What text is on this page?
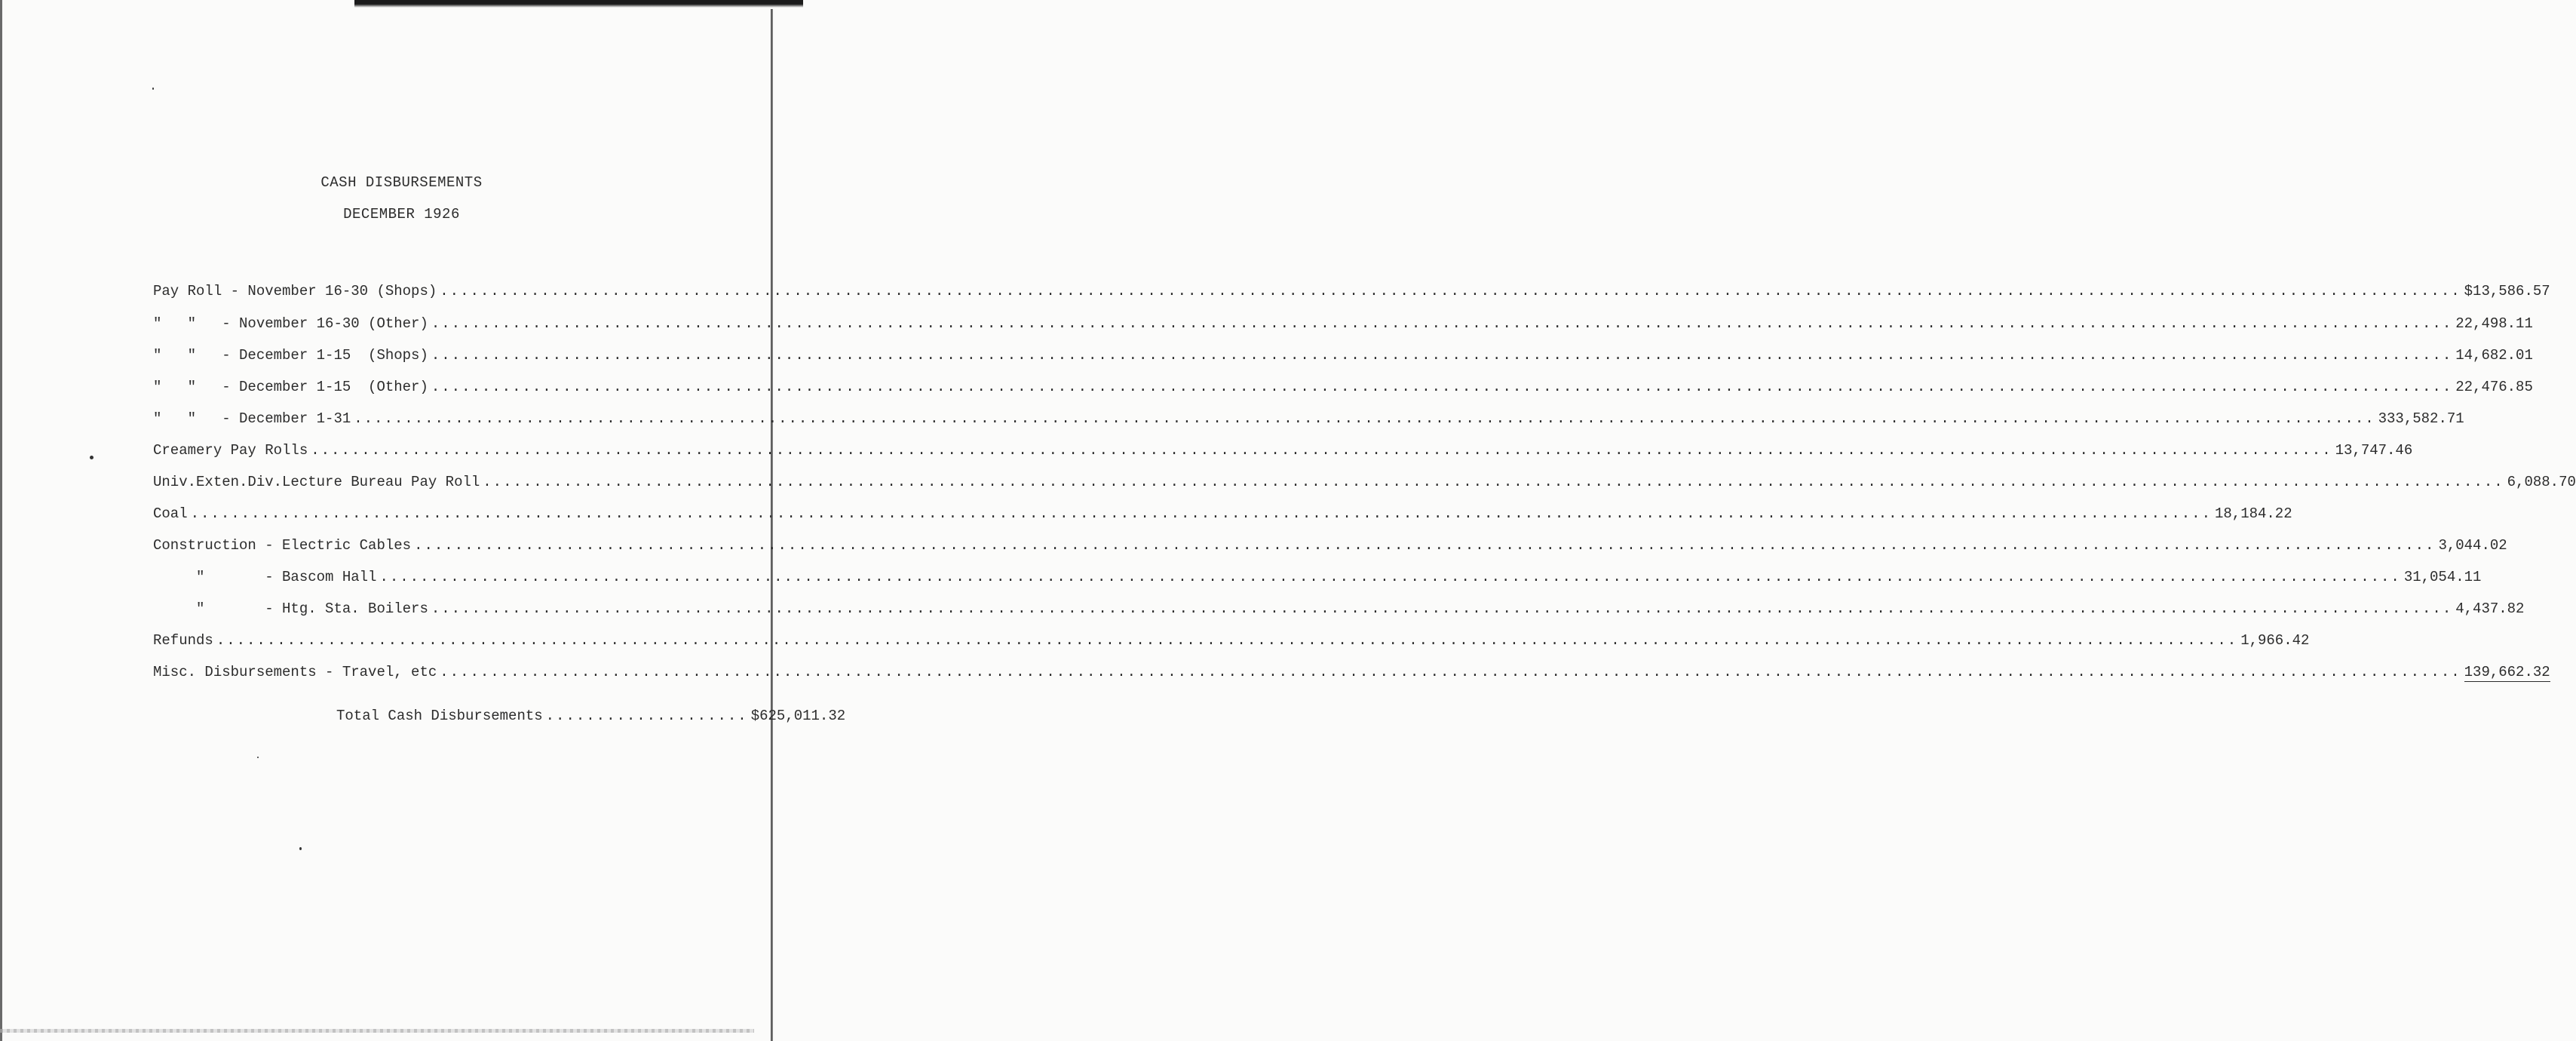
CASH DISBURSEMENTS
DECEMBER 1926
Pay Roll - November 16-30 (Shops) ........................................................................................................................................................................................................ $13,586.57
"   "   - November 16-30 (Other) ........................................................................................................................................................................................................ 22,498.11
"   "   - December 1-15  (Shops) ........................................................................................................................................................................................................ 14,682.01
"   "   - December 1-15  (Other) ........................................................................................................................................................................................................ 22,476.85
"   "   - December 1-31 ........................................................................................................................................................................................................ 333,582.71
Creamery Pay Rolls ........................................................................................................................................................................................................ 13,747.46
Univ.Exten.Div.Lecture Bureau Pay Roll ........................................................................................................................................................................................................ 6,088.70
Coal ........................................................................................................................................................................................................ 18,184.22
Construction - Electric Cables ........................................................................................................................................................................................................ 3,044.02
"       - Bascom Hall ........................................................................................................................................................................................................ 31,054.11
"       - Htg. Sta. Boilers ........................................................................................................................................................................................................ 4,437.82
Refunds ........................................................................................................................................................................................................ 1,966.42
Misc. Disbursements - Travel, etc ........................................................................................................................................................................................................ 139,662.32
Total Cash Disbursements .................... $625,011.32
